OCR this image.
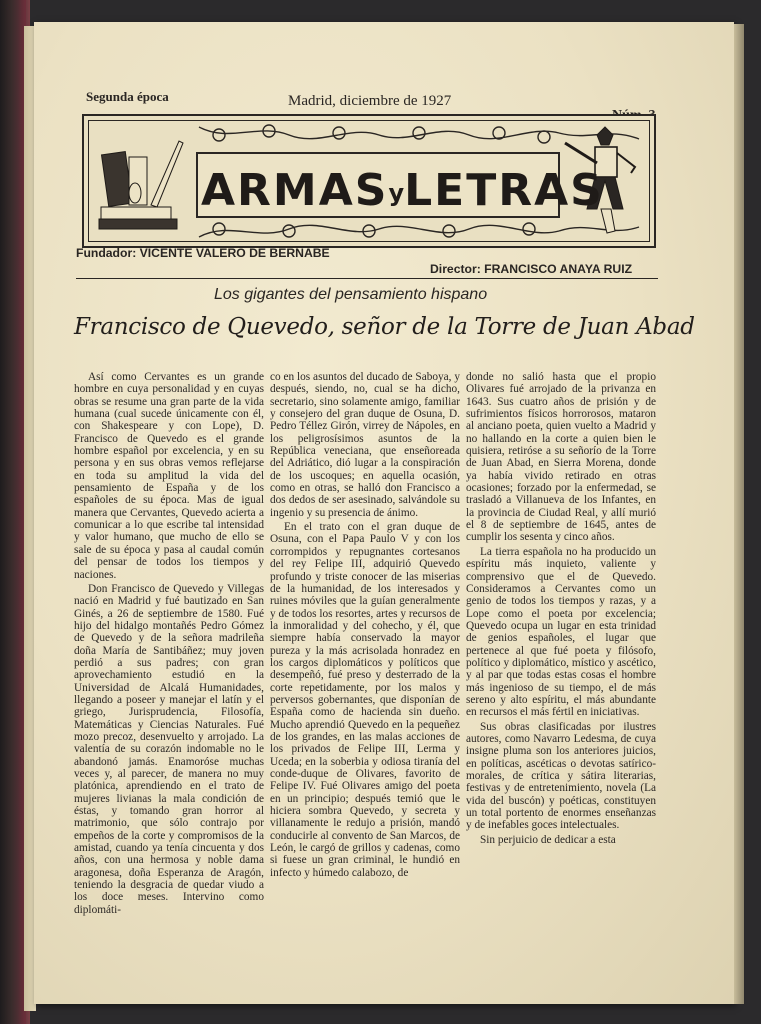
Segunda época	Madrid, diciembre de 1927
ARMASyLETRAS
Fundador: VICENTE VALERO DE BERNABE
Director: FRANCISCO ANAYA RUIZ
Los gigantes del pensamiento hispano
Francisco de Quevedo, señor de la Torre de Juan Abad

Así como Cervantes es un grande hombre en cuya personalidad y en cuyas obras se resume una gran parte de la vida humana (cual sucede únicamente con él, con Shakespeare y con Lope), D. Francisco de Quevedo es el grande hombre español por excelencia, y en su persona y en sus obras vemos reflejarse en toda su amplitud la vida del pensamiento de España y de los españoles de su época. Mas de igual manera que Cervantes, Quevedo acierta a comunicar a lo que escribe tal intensidad y valor humano, que mucho de ello se sale de su época y pasa al caudal común del pensar de todos los tiempos y naciones.

Don Francisco de Quevedo y Villegas nació en Madrid y fué bautizado en San Ginés, a 26 de septiembre de 1580. Fué hijo del hidalgo montañés Pedro Gómez de Quevedo y de la señora madrileña doña María de Santibáñez; muy joven perdió a sus padres; con gran aprovechamiento estudió en la Universidad de Alcalá Humanidades, llegando a poseer y manejar el latín y el griego, Jurisprudencia, Filosofía, Matemáticas y Ciencias Naturales. Fué mozo precoz, desenvuelto y arrojado. La valentía de su corazón indomable no le abandonó jamás. Enamoróse muchas veces y, al parecer, de manera no muy platónica, aprendiendo en el trato de mujeres livianas la mala condición de éstas, y tomando gran horror al matrimonio, que sólo contrajo por empeños de la corte y compromisos de la amistad, cuando ya tenía cincuenta y dos años, con una hermosa y noble dama aragonesa, doña Esperanza de Aragón, teniendo la desgracia de quedar viudo a los doce meses. Intervino como diplomáti-

co en los asuntos del ducado de Saboya, y después, siendo, no, cual se ha dicho, secretario, sino solamente amigo, familiar y consejero del gran duque de Osuna, D. Pedro Téllez Girón, virrey de Nápoles, en los peligrosísimos asuntos de la República veneciana, que enseñoreada del Adriático, dió lugar a la conspiración de los uscoques; en aquella ocasión, como en otras, se halló don Francisco a dos dedos de ser asesinado, salvándole su ingenio y su presencia de ánimo.

En el trato con el gran duque de Osuna, con el Papa Paulo V y con los corrompidos y repugnantes cortesanos del rey Felipe III, adquirió Quevedo profundo y triste conocer de las miserias de la humanidad, de los interesados y ruines móviles que la guían generalmente y de todos los resortes, artes y recursos de la inmoralidad y del cohecho, y él, que siempre había conservado la mayor pureza y la más acrisolada honradez en los cargos diplomáticos y políticos que desempeñó, fué preso y desterrado de la corte repetidamente, por los malos y perversos gobernantes, que disponían de España como de hacienda sin dueño. Mucho aprendió Quevedo en la pequeñez de los grandes, en las malas acciones de los privados de Felipe III, Lerma y Uceda; en la soberbia y odiosa tiranía del conde-duque de Olivares, favorito de Felipe IV. Fué Olivares amigo del poeta en un principio; después temió que le hiciera sombra Quevedo, y secreta y villanamente le redujo a prisión, mandó conducirle al convento de San Marcos, de León, le cargó de grillos y cadenas, como si fuese un gran criminal, le hundió en infecto y húmedo calabozo, de

donde no salió hasta que el propio Olivares fué arrojado de la privanza en 1643. Sus cuatro años de prisión y de sufrimientos físicos horrorosos, mataron al anciano poeta, quien vuelto a Madrid y no hallando en la corte a quien bien le quisiera, retiróse a su señorío de la Torre de Juan Abad, en Sierra Morena, donde ya había vivido retirado en otras ocasiones; forzado por la enfermedad, se trasladó a Villanueva de los Infantes, en la provincia de Ciudad Real, y allí murió el 8 de septiembre de 1645, antes de cumplir los sesenta y cinco años.

La tierra española no ha producido un espíritu más inquieto, valiente y comprensivo que el de Quevedo. Consideramos a Cervantes como un genio de todos los tiempos y razas, y a Lope como el poeta por excelencia; Quevedo ocupa un lugar en esta trinidad de genios españoles, el lugar que pertenece al que fué poeta y filósofo, político y diplomático, místico y ascético, y al par que todas estas cosas el hombre más ingenioso de su tiempo, el de más sereno y alto espíritu, el más abundante en recursos el más fértil en iniciativas.

Sus obras clasificadas por ilustres autores, como Navarro Ledesma, de cuya insigne pluma son los anteriores juicios, en políticas, ascéticas o devotas satírico-morales, de crítica y sátira literarias, festivas y de entretenimiento, novela (La vida del buscón) y poéticas, constituyen un total portento de enormes enseñanzas y de inefables goces intelectuales.

Sin perjuicio de dedicar a esta
